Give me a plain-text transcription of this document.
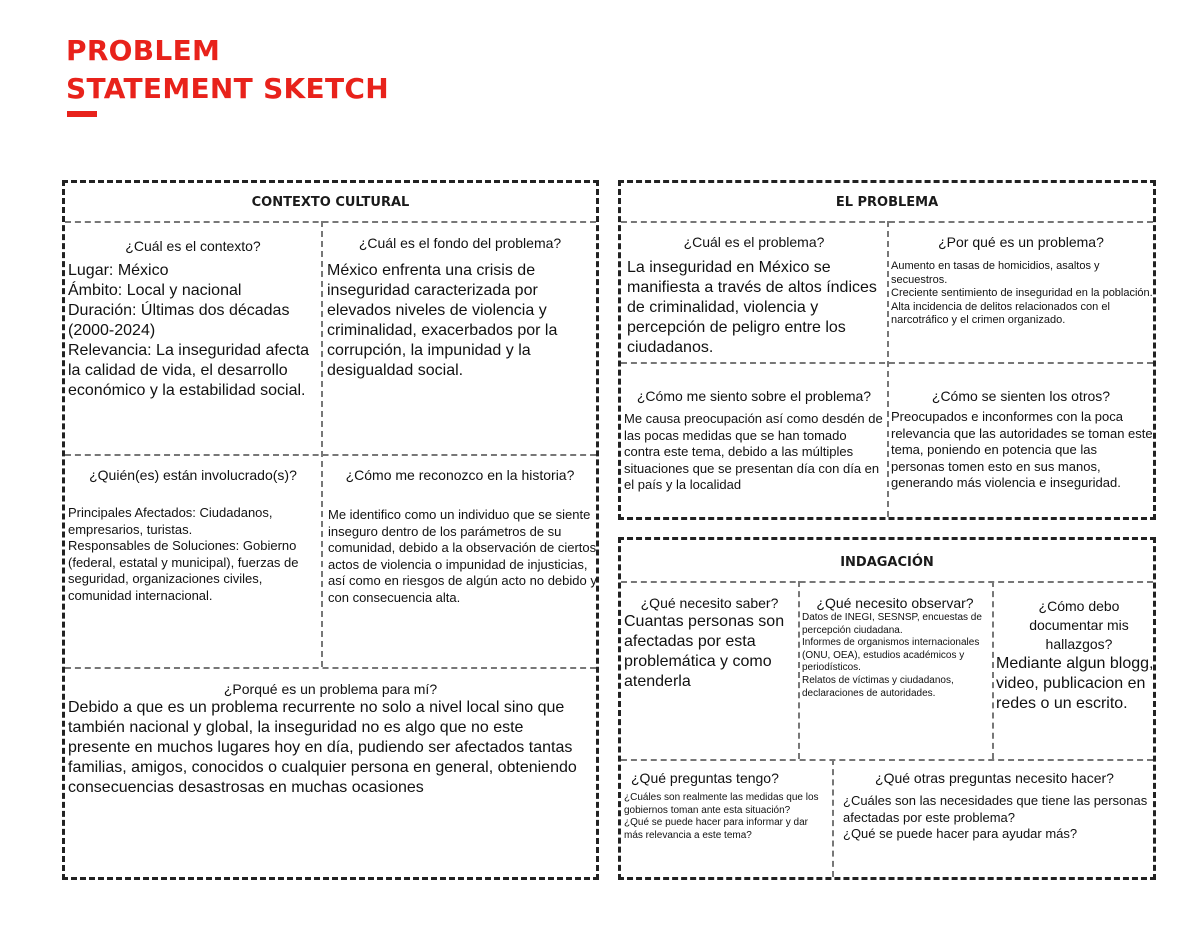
PROBLEM
STATEMENT SKETCH
CONTEXTO CULTURAL
¿Cuál es el contexto?
Lugar: México
Ámbito: Local y nacional
Duración: Últimas dos décadas (2000-2024)
Relevancia: La inseguridad afecta la calidad de vida, el desarrollo económico y la estabilidad social.
¿Cuál es el fondo del problema?
México enfrenta una crisis de inseguridad caracterizada por elevados niveles de violencia y criminalidad, exacerbados por la corrupción, la impunidad y la desigualdad social.
¿Quién(es) están involucrado(s)?
Principales Afectados: Ciudadanos, empresarios, turistas.
Responsables de Soluciones: Gobierno (federal, estatal y municipal), fuerzas de seguridad, organizaciones civiles, comunidad internacional.
¿Cómo me reconozco en la historia?
Me identifico como un individuo que se siente inseguro dentro de los parámetros de su comunidad, debido a la observación de ciertos actos de violencia o impunidad de injusticias, así como en riesgos de algún acto no debido y con consecuencia alta.
¿Porqué es un problema para mí?
Debido a que es un problema recurrente no solo a nivel local sino que también nacional y global, la inseguridad no es algo que no este presente en muchos lugares hoy en día, pudiendo ser afectados tantas familias, amigos, conocidos o cualquier persona en general, obteniendo consecuencias desastrosas en muchas ocasiones
EL PROBLEMA
¿Cuál es el problema?
La inseguridad en México se manifiesta a través de altos índices de criminalidad, violencia y percepción de peligro entre los ciudadanos.
¿Por qué es un problema?
Aumento en tasas de homicidios, asaltos y secuestros.
Creciente sentimiento de inseguridad en la población.
Alta incidencia de delitos relacionados con el narcotráfico y el crimen organizado.
¿Cómo me siento sobre el problema?
Me causa preocupación así como desdén de las pocas medidas que se han tomado contra este tema, debido a las múltiples situaciones que se presentan día con día en el país y la localidad
¿Cómo se sienten los otros?
Preocupados e inconformes con la poca relevancia que las autoridades se toman este tema, poniendo en potencia que las personas tomen esto en sus manos, generando más violencia e inseguridad.
INDAGACIÓN
¿Qué necesito saber?
Cuantas personas son afectadas por esta problemática y como atenderla
¿Qué necesito observar?
Datos de INEGI, SESNSP, encuestas de percepción ciudadana.
Informes de organismos internacionales (ONU, OEA), estudios académicos y periodísticos.
Relatos de víctimas y ciudadanos, declaraciones de autoridades.
¿Cómo debo documentar mis hallazgos?
Mediante algun blogg, video, publicacion en redes o un escrito.
¿Qué preguntas tengo?
¿Cuáles son realmente las medidas que los gobiernos toman ante esta situación?
¿Qué se puede hacer para informar y dar más relevancia a este tema?
¿Qué otras preguntas necesito hacer?
¿Cuáles son las necesidades que tiene las personas afectadas por este problema?
¿Qué se puede hacer para ayudar más?
